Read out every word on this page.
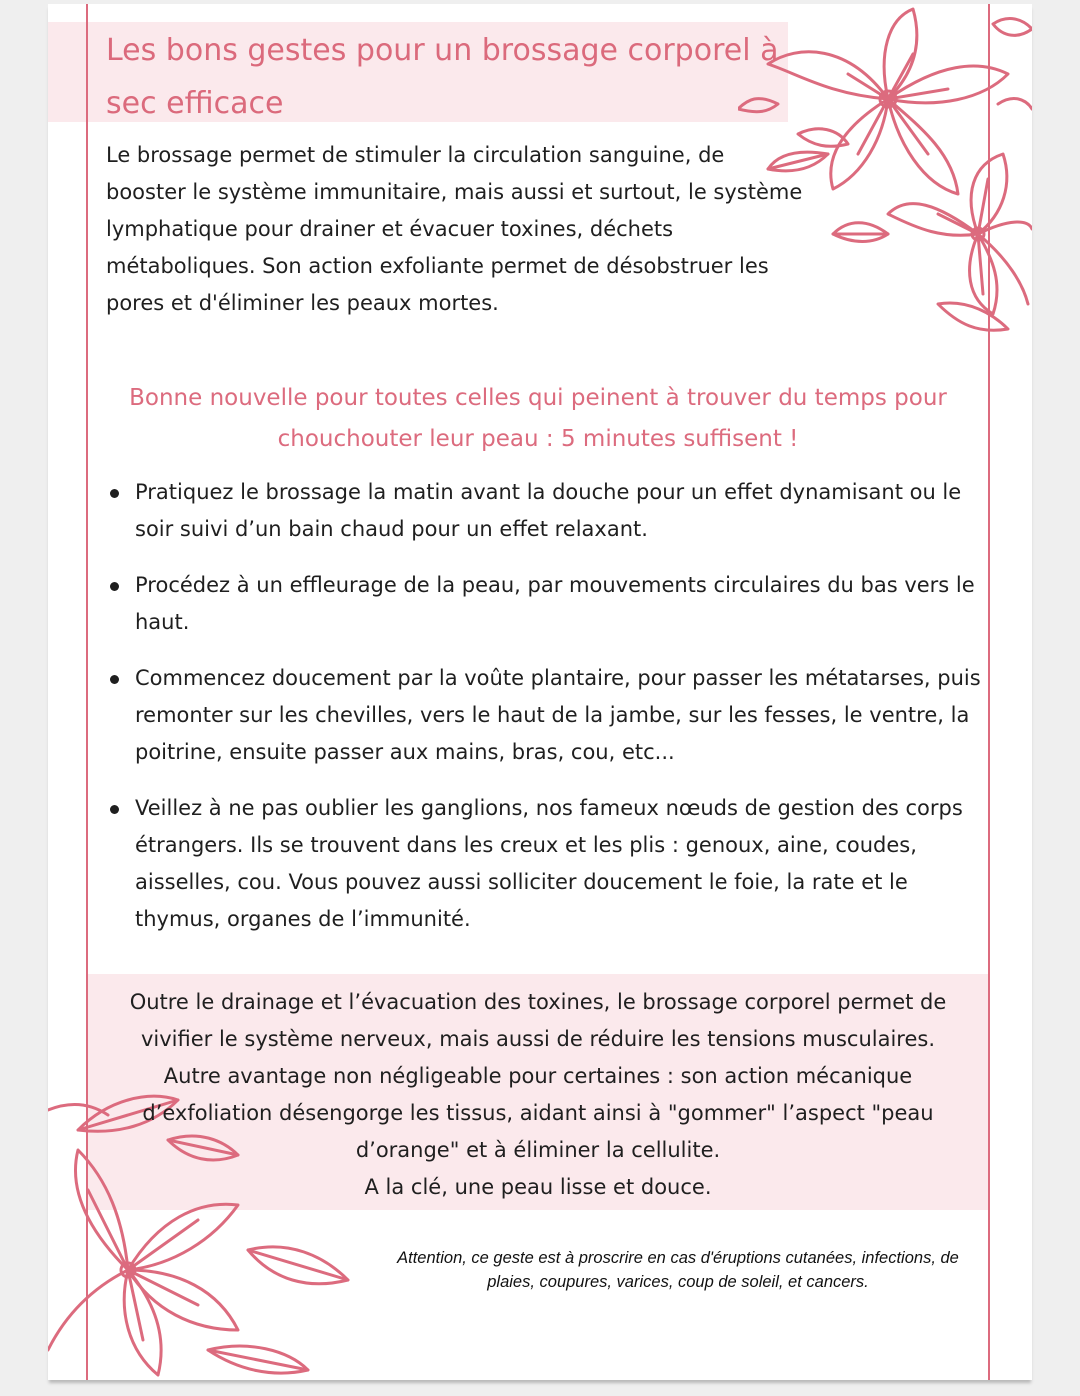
Les bons gestes pour un brossage corporel à sec efficace
Le brossage permet de stimuler la circulation sanguine, de booster le système immunitaire, mais aussi et surtout, le système lymphatique pour drainer et évacuer toxines, déchets métaboliques. Son action exfoliante permet de désobstruer les pores et d'éliminer les peaux mortes.
Bonne nouvelle pour toutes celles qui peinent à trouver du temps pour chouchouter leur peau : 5 minutes suffisent !
Pratiquez le brossage la matin avant la douche pour un effet dynamisant ou le soir suivi d’un bain chaud pour un effet relaxant.
Procédez à un effleurage de la peau, par mouvements circulaires du bas vers le haut.
Commencez doucement par la voûte plantaire, pour passer les métatarses, puis remonter sur les chevilles, vers le haut de la jambe, sur les fesses, le ventre, la poitrine, ensuite passer aux mains, bras, cou, etc...
Veillez à ne pas oublier les ganglions, nos fameux nœuds de gestion des corps étrangers. Ils se trouvent dans les creux et les plis : genoux, aine, coudes, aisselles, cou. Vous pouvez aussi solliciter doucement le foie, la rate et le thymus, organes de l’immunité.
Outre le drainage et l’évacuation des toxines, le brossage corporel permet de vivifier le système nerveux, mais aussi de réduire les tensions musculaires.
Autre avantage non négligeable pour certaines : son action mécanique d’exfoliation désengorge les tissus, aidant ainsi à "gommer" l’aspect "peau d’orange" et à éliminer la cellulite.
A la clé, une peau lisse et douce.
Attention, ce geste est à proscrire en cas d'éruptions cutanées, infections, de plaies, coupures, varices, coup de soleil, et cancers.
